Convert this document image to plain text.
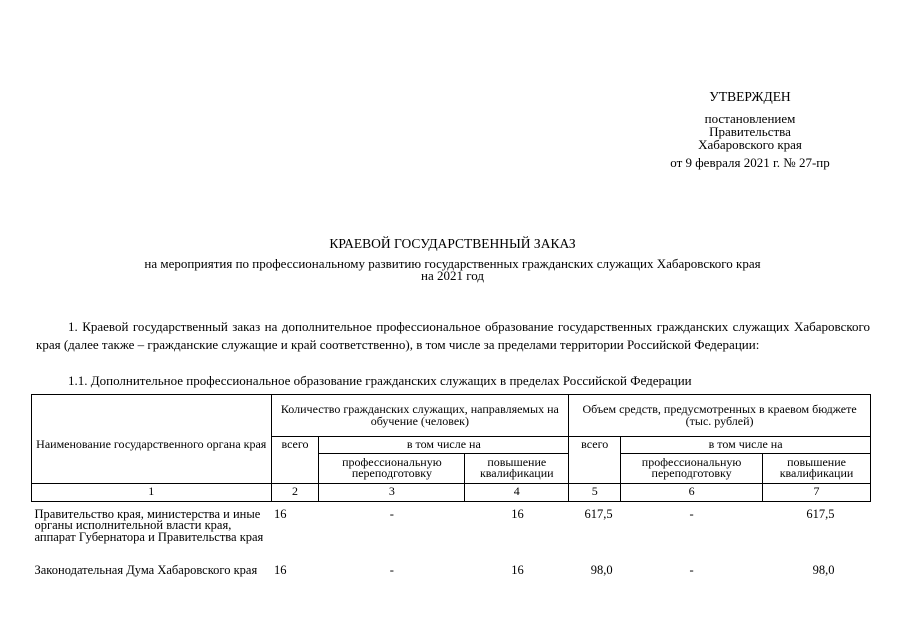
УТВЕРЖДЕН
постановлением
Правительства
Хабаровского края
от 9 февраля 2021 г. № 27-пр
КРАЕВОЙ ГОСУДАРСТВЕННЫЙ ЗАКАЗ
на мероприятия по профессиональному развитию государственных гражданских служащих Хабаровского края
на 2021 год
1. Краевой государственный заказ на дополнительное профессиональное образование государственных гражданских служащих Хабаровского края (далее также – гражданские служащие и край соответственно), в том числе за пределами территории Российской Федерации:
1.1. Дополнительное профессиональное образование гражданских служащих в пределах Российской Федерации
Наименование государственного органа края	Количество гражданских служащих, направляемых на обучение (человек)			Объем средств, предусмотренных в краевом бюджете (тыс. рублей)		
	всего	в том числе на		всего	в том числе на	
		профессиональную переподготовку	повышение квалификации		профессиональную переподготовку	повышение квалификации
1	2	3	4	5	6	7
Правительство края, министерства и иные органы исполнительной власти края, аппарат Губернатора и Правительства края	16	-	16	617,5	-	617,5
Законодательная Дума Хабаровского края	16	-	16	98,0	-	98,0
